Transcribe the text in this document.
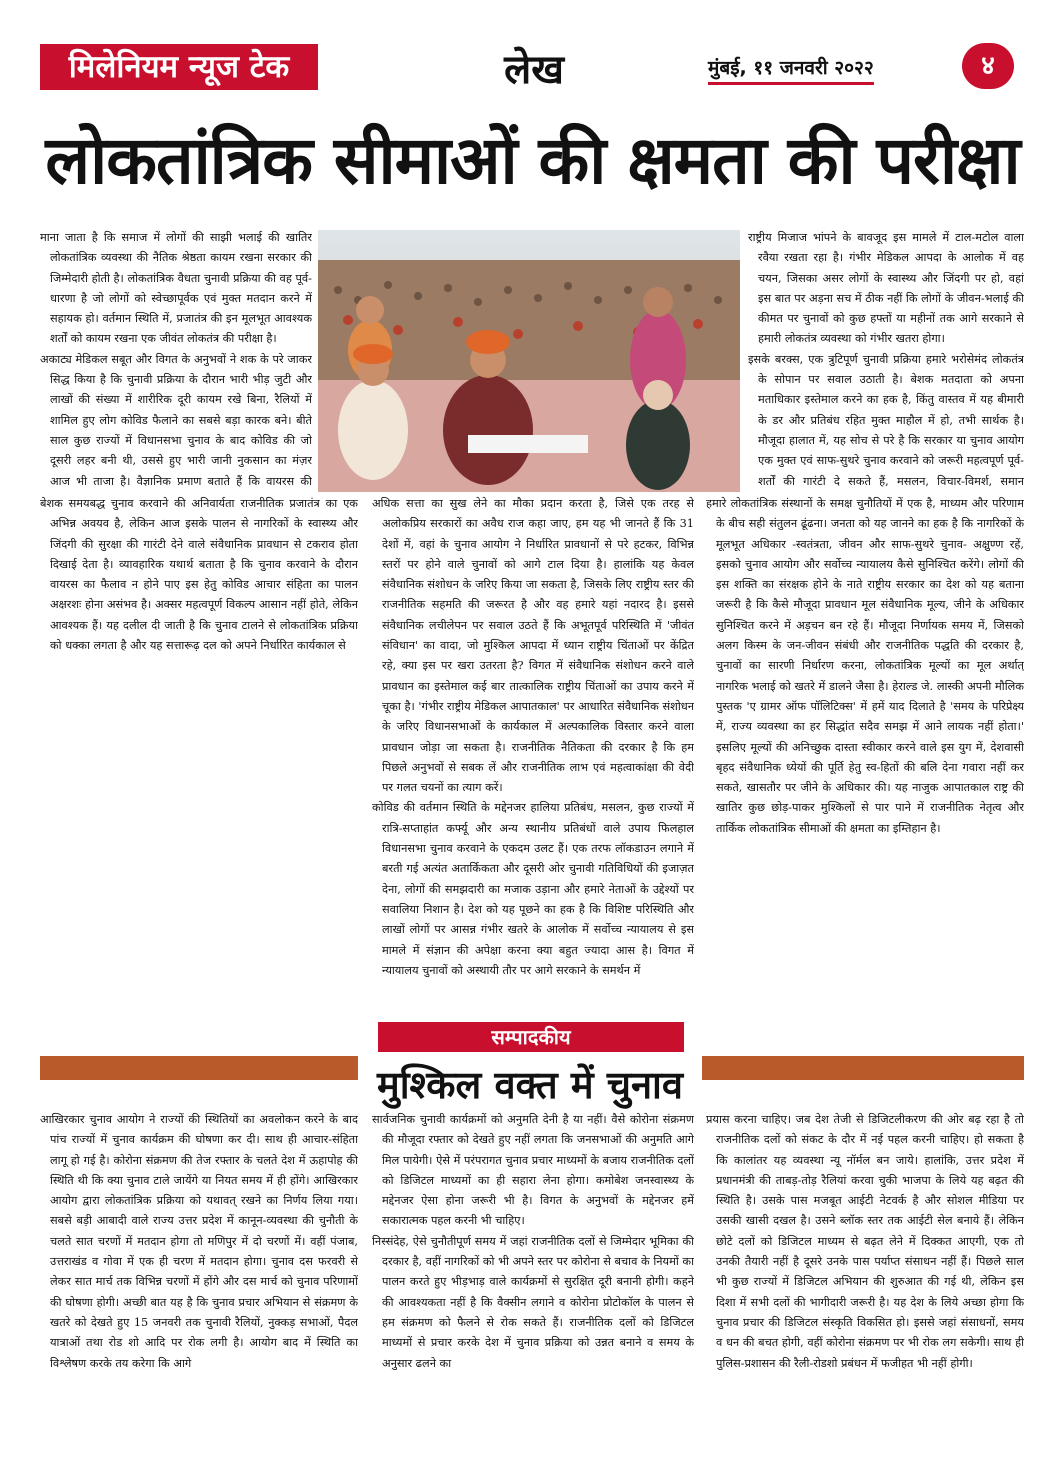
मिलेनियम न्यूज टेक	लेख	मुंबई, ११ जनवरी २०२२	४
लोकतांत्रिक सीमाओं की क्षमता की परीक्षा

माना जाता है कि समाज में लोगों की साझी भलाई की खातिर लोकतांत्रिक व्यवस्था की नैतिक श्रेष्ठता कायम रखना सरकार की जिम्मेदारी होती है। लोकतांत्रिक वैधता चुनावी प्रक्रिया की वह पूर्व-धारणा है जो लोगों को स्वेच्छापूर्वक एवं मुक्त मतदान करने में सहायक हो। वर्तमान स्थिति में, प्रजातंत्र की इन मूलभूत आवश्यक शर्तों को कायम रखना एक जीवंत लोकतंत्र की परीक्षा है।

अकाट्य मेडिकल सबूत और विगत के अनुभवों ने शक के परे जाकर सिद्ध किया है कि चुनावी प्रक्रिया के दौरान भारी भीड़ जुटी और लाखों की संख्या में शारीरिक दूरी कायम रखे बिना, रैलियों में शामिल हुए लोग कोविड फैलाने का सबसे बड़ा कारक बने। बीते साल कुछ राज्यों में विधानसभा चुनाव के बाद कोविड की जो दूसरी लहर बनी थी, उससे हुए भारी जानी नुकसान का मंज़र आज भी ताजा है। वैज्ञानिक प्रमाण बताते हैं कि वायरस की

बेशक समयबद्ध चुनाव करवाने की अनिवार्यता राजनीतिक प्रजातंत्र का एक अभिन्न अवयव है, लेकिन आज इसके पालन से नागरिकों के स्वास्थ्य और जिंदगी की सुरक्षा की गारंटी देने वाले संवैधानिक प्रावधान से टकराव होता दिखाई देता है। व्यावहारिक यथार्थ बताता है कि चुनाव करवाने के दौरान वायरस का फैलाव न होने पाए इस हेतु कोविड आचार संहिता का पालन अक्षरशः होना असंभव है। अक्सर महत्वपूर्ण विकल्प आसान नहीं होते, लेकिन आवश्यक हैं। यह दलील दी जाती है कि चुनाव टालने से लोकतांत्रिक प्रक्रिया को धक्का लगता है और यह सत्तारूढ़ दल को अपने निर्धारित कार्यकाल से

अधिक सत्ता का सुख लेने का मौका प्रदान करता है, जिसे एक तरह से अलोकप्रिय सरकारों का अवैध राज कहा जाए, हम यह भी जानते हैं कि 31 देशों में, वहां के चुनाव आयोग ने निर्धारित प्रावधानों से परे हटकर, विभिन्न स्तरों पर होने वाले चुनावों को आगे टाल दिया है। हालांकि यह केवल संवैधानिक संशोधन के जरिए किया जा सकता है, जिसके लिए राष्ट्रीय स्तर की राजनीतिक सहमति की जरूरत है और वह हमारे यहां नदारद है। इससे संवैधानिक लचीलेपन पर सवाल उठते हैं कि अभूतपूर्व परिस्थिति में 'जीवंत संविधान' का वादा, जो मुश्किल आपदा में ध्यान राष्ट्रीय चिंताओं पर केंद्रित रहे, क्या इस पर खरा उतरता है? विगत में संवैधानिक संशोधन करने वाले प्रावधान का इस्तेमाल कई बार तात्कालिक राष्ट्रीय चिंताओं का उपाय करने में चूका है। 'गंभीर राष्ट्रीय मेडिकल आपातकाल' पर आधारित संवैधानिक संशोधन के जरिए विधानसभाओं के कार्यकाल में अल्पकालिक विस्तार करने वाला प्रावधान जोड़ा जा सकता है। राजनीतिक नैतिकता की दरकार है कि हम पिछले अनुभवों से सबक लें और राजनीतिक लाभ एवं महत्वाकांक्षा की वेदी पर गलत चयनों का त्याग करें।

कोविड की वर्तमान स्थिति के मद्देनजर हालिया प्रतिबंध, मसलन, कुछ राज्यों में रात्रि-सप्ताहांत कर्फ्यू और अन्य स्थानीय प्रतिबंधों वाले उपाय फिलहाल विधानसभा चुनाव करवाने के एकदम उलट हैं। एक तरफ लॉकडाउन लगाने में बरती गई अत्यंत अतार्किकता और दूसरी ओर चुनावी गतिविधियों की इजाज़त देना, लोगों की समझदारी का मजाक उड़ाना और हमारे नेताओं के उद्देश्यों पर सवालिया निशान है। देश को यह पूछने का हक है कि विशिष्ट परिस्थिति और लाखों लोगों पर आसन्न गंभीर खतरे के आलोक में सर्वोच्च न्यायालय से इस मामले में संज्ञान की अपेक्षा करना क्या बहुत ज्यादा आस है। विगत में न्यायालय चुनावों को अस्थायी तौर पर आगे सरकाने के समर्थन में

राष्ट्रीय मिजाज भांपने के बावजूद इस मामले में टाल-मटोल वाला रवैया रखता रहा है। गंभीर मेडिकल आपदा के आलोक में वह चयन, जिसका असर लोगों के स्वास्थ्य और जिंदगी पर हो, वहां इस बात पर अड़ना सच में ठीक नहीं कि लोगों के जीवन-भलाई की कीमत पर चुनावों को कुछ हफ्तों या महीनों तक आगे सरकाने से हमारी लोकतंत्र व्यवस्था को गंभीर खतरा होगा।

इसके बरक्स, एक त्रुटिपूर्ण चुनावी प्रक्रिया हमारे भरोसेमंद लोकतंत्र के सोपान पर सवाल उठाती है। बेशक मतदाता को अपना मताधिकार इस्तेमाल करने का हक है, किंतु वास्तव में यह बीमारी के डर और प्रतिबंध रहित मुक्त माहौल में हो, तभी सार्थक है। मौजूदा हालात में, यह सोच से परे है कि सरकार या चुनाव आयोग एक मुक्त एवं साफ-सुथरे चुनाव करवाने को जरूरी महत्वपूर्ण पूर्व-शर्तों की गारंटी दे सकते हैं, मसलन, विचार-विमर्श, समान

हमारे लोकतांत्रिक संस्थानों के समक्ष चुनौतियों में एक है, माध्यम और परिणाम के बीच सही संतुलन ढूंढना। जनता को यह जानने का हक है कि नागरिकों के मूलभूत अधिकार -स्वतंत्रता, जीवन और साफ-सुथरे चुनाव- अक्षुण्ण रहें, इसको चुनाव आयोग और सर्वोच्च न्यायालय कैसे सुनिश्चित करेंगे। लोगों की इस शक्ति का संरक्षक होने के नाते राष्ट्रीय सरकार का देश को यह बताना जरूरी है कि कैसे मौजूदा प्रावधान मूल संवैधानिक मूल्य, जीने के अधिकार सुनिश्चित करने में अड़चन बन रहे हैं। मौजूदा निर्णायक समय में, जिसको अलग किस्म के जन-जीवन संबंधी और राजनीतिक पद्धति की दरकार है, चुनावों का सारणी निर्धारण करना, लोकतांत्रिक मूल्यों का मूल अर्थात् नागरिक भलाई को खतरे में डालने जैसा है। हेराल्ड जे. लास्की अपनी मौलिक पुस्तक 'ए ग्रामर ऑफ पॉलिटिक्स' में हमें याद दिलाते है 'समय के परिप्रेक्ष्य में, राज्य व्यवस्था का हर सिद्धांत सदैव समझ में आने लायक नहीं होता।' इसलिए मूल्यों की अनिच्छुक दास्ता स्वीकार करने वाले इस युग में, देशवासी बृहद संवैधानिक ध्येयों की पूर्ति हेतु स्व-हितों की बलि देना गवारा नहीं कर सकते, खासतौर पर जीने के अधिकार की। यह नाजुक आपातकाल राष्ट्र की खातिर कुछ छोड़-पाकर मुश्किलों से पार पाने में राजनीतिक नेतृत्व और तार्किक लोकतांत्रिक सीमाओं की क्षमता का इम्तिहान है।

सम्पादकीय
मुश्किल वक्त में चुनाव

आखिरकार चुनाव आयोग ने राज्यों की स्थितियों का अवलोकन करने के बाद पांच राज्यों में चुनाव कार्यक्रम की घोषणा कर दी। साथ ही आचार-संहिता लागू हो गई है। कोरोना संक्रमण की तेज रफ्तार के चलते देश में ऊहापोह की स्थिति थी कि क्या चुनाव टाले जायेंगे या नियत समय में ही होंगे। आखिरकार आयोग द्वारा लोकतांत्रिक प्रक्रिया को यथावत् रखने का निर्णय लिया गया। सबसे बड़ी आबादी वाले राज्य उत्तर प्रदेश में कानून-व्यवस्था की चुनौती के चलते सात चरणों में मतदान होगा तो मणिपुर में दो चरणों में। वहीं पंजाब, उत्तराखंड व गोवा में एक ही चरण में मतदान होगा। चुनाव दस फरवरी से लेकर सात मार्च तक विभिन्न चरणों में होंगे और दस मार्च को चुनाव परिणामों की घोषणा होगी। अच्छी बात यह है कि चुनाव प्रचार अभियान से संक्रमण के खतरे को देखते हुए 15 जनवरी तक चुनावी रैलियों, नुक्कड़ सभाओं, पैदल यात्राओं तथा रोड शो आदि पर रोक लगी है। आयोग बाद में स्थिति का विश्लेषण करके तय करेगा कि आगे

सार्वजनिक चुनावी कार्यक्रमों को अनुमति देनी है या नहीं। वैसे कोरोना संक्रमण की मौजूदा रफ्तार को देखते हुए नहीं लगता कि जनसभाओं की अनुमति आगे मिल पायेगी। ऐसे में परंपरागत चुनाव प्रचार माध्यमों के बजाय राजनीतिक दलों को डिजिटल माध्यमों का ही सहारा लेना होगा। कमोबेश जनस्वास्थ्य के मद्देनजर ऐसा होना जरूरी भी है। विगत के अनुभवों के मद्देनजर हमें सकारात्मक पहल करनी भी चाहिए।

निस्संदेह, ऐसे चुनौतीपूर्ण समय में जहां राजनीतिक दलों से जिम्मेदार भूमिका की दरकार है, वहीं नागरिकों को भी अपने स्तर पर कोरोना से बचाव के नियमों का पालन करते हुए भीड़भाड़ वाले कार्यक्रमों से सुरक्षित दूरी बनानी होगी। कहने की आवश्यकता नहीं है कि वैक्सीन लगाने व कोरोना प्रोटोकॉल के पालन से हम संक्रमण को फैलने से रोक सकते हैं। राजनीतिक दलों को डिजिटल माध्यमों से प्रचार करके देश में चुनाव प्रक्रिया को उन्नत बनाने व समय के अनुसार ढलने का

प्रयास करना चाहिए। जब देश तेजी से डिजिटलीकरण की ओर बढ़ रहा है तो राजनीतिक दलों को संकट के दौर में नई पहल करनी चाहिए। हो सकता है कि कालांतर यह व्यवस्था न्यू नॉर्मल बन जाये। हालांकि, उत्तर प्रदेश में प्रधानमंत्री की ताबड़-तोड़ रैलियां करवा चुकी भाजपा के लिये यह बढ़त की स्थिति है। उसके पास मजबूत आईटी नेटवर्क है और सोशल मीडिया पर उसकी खासी दखल है। उसने ब्लॉक स्तर तक आईटी सेल बनाये हैं। लेकिन छोटे दलों को डिजिटल माध्यम से बढ़त लेने में दिक्कत आएगी, एक तो उनकी तैयारी नहीं है दूसरे उनके पास पर्याप्त संसाधन नहीं हैं। पिछले साल भी कुछ राज्यों में डिजिटल अभियान की शुरुआत की गई थी, लेकिन इस दिशा में सभी दलों की भागीदारी जरूरी है। यह देश के लिये अच्छा होगा कि चुनाव प्रचार की डिजिटल संस्कृति विकसित हो। इससे जहां संसाधनों, समय व धन की बचत होगी, वहीं कोरोना संक्रमण पर भी रोक लग सकेगी। साथ ही पुलिस-प्रशासन की रैली-रोडशो प्रबंधन में फजीहत भी नहीं होगी।
